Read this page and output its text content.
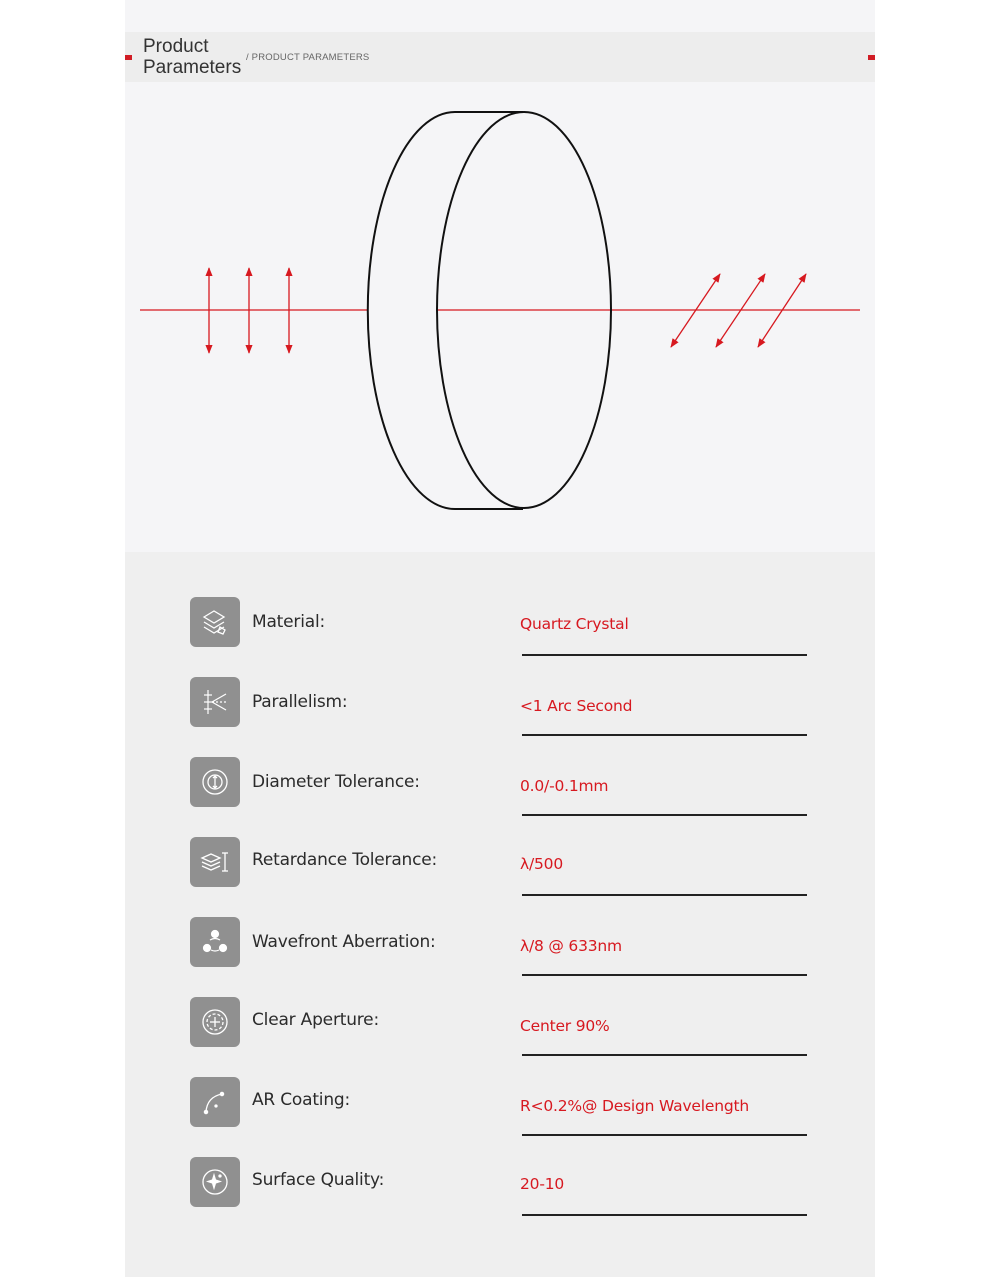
Product
Parameters / PRODUCT PARAMETERS
Material:	Quartz Crystal
Parallelism:	<1 Arc Second
Diameter Tolerance:	0.0/-0.1mm
Retardance Tolerance:	λ/500
Wavefront Aberration:	λ/8 @ 633nm
Clear Aperture:	Center 90%
AR Coating:	R<0.2%@ Design Wavelength
Surface Quality:	20-10
